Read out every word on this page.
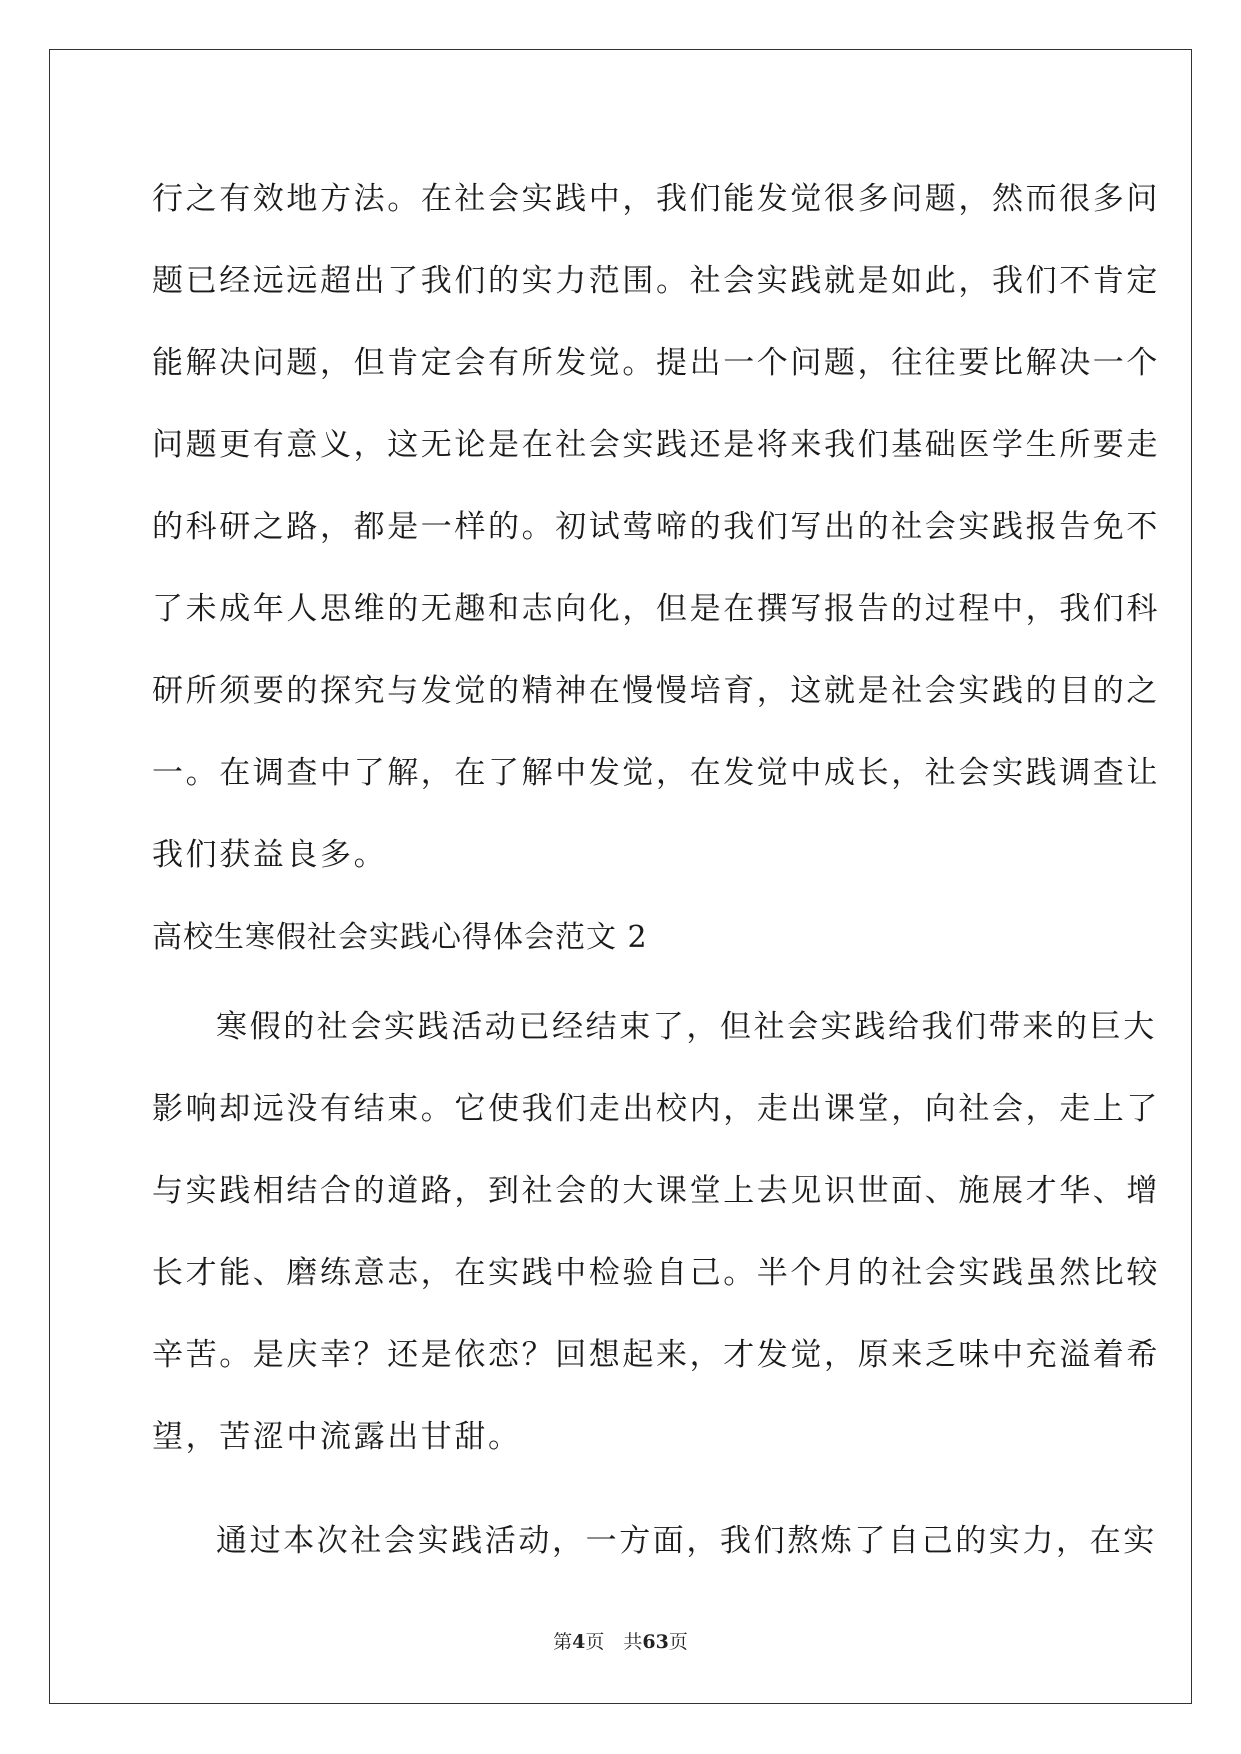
行之有效地方法。在社会实践中，我们能发觉很多问题，然而很多问
题已经远远超出了我们的实力范围。社会实践就是如此，我们不肯定
能解决问题，但肯定会有所发觉。提出一个问题，往往要比解决一个
问题更有意义，这无论是在社会实践还是将来我们基础医学生所要走
的科研之路，都是一样的。初试莺啼的我们写出的社会实践报告免不
了未成年人思维的无趣和志向化，但是在撰写报告的过程中，我们科
研所须要的探究与发觉的精神在慢慢培育，这就是社会实践的目的之
一。在调查中了解，在了解中发觉，在发觉中成长，社会实践调查让
我们获益良多。
高校生寒假社会实践心得体会范文 2
寒假的社会实践活动已经结束了，但社会实践给我们带来的巨大
影响却远没有结束。它使我们走出校内，走出课堂，向社会，走上了
与实践相结合的道路，到社会的大课堂上去见识世面、施展才华、增
长才能、磨练意志，在实践中检验自己。半个月的社会实践虽然比较
辛苦。是庆幸？还是依恋？回想起来，才发觉，原来乏味中充溢着希
望，苦涩中流露出甘甜。
通过本次社会实践活动，一方面，我们熬炼了自己的实力，在实
第4页　 共63页
